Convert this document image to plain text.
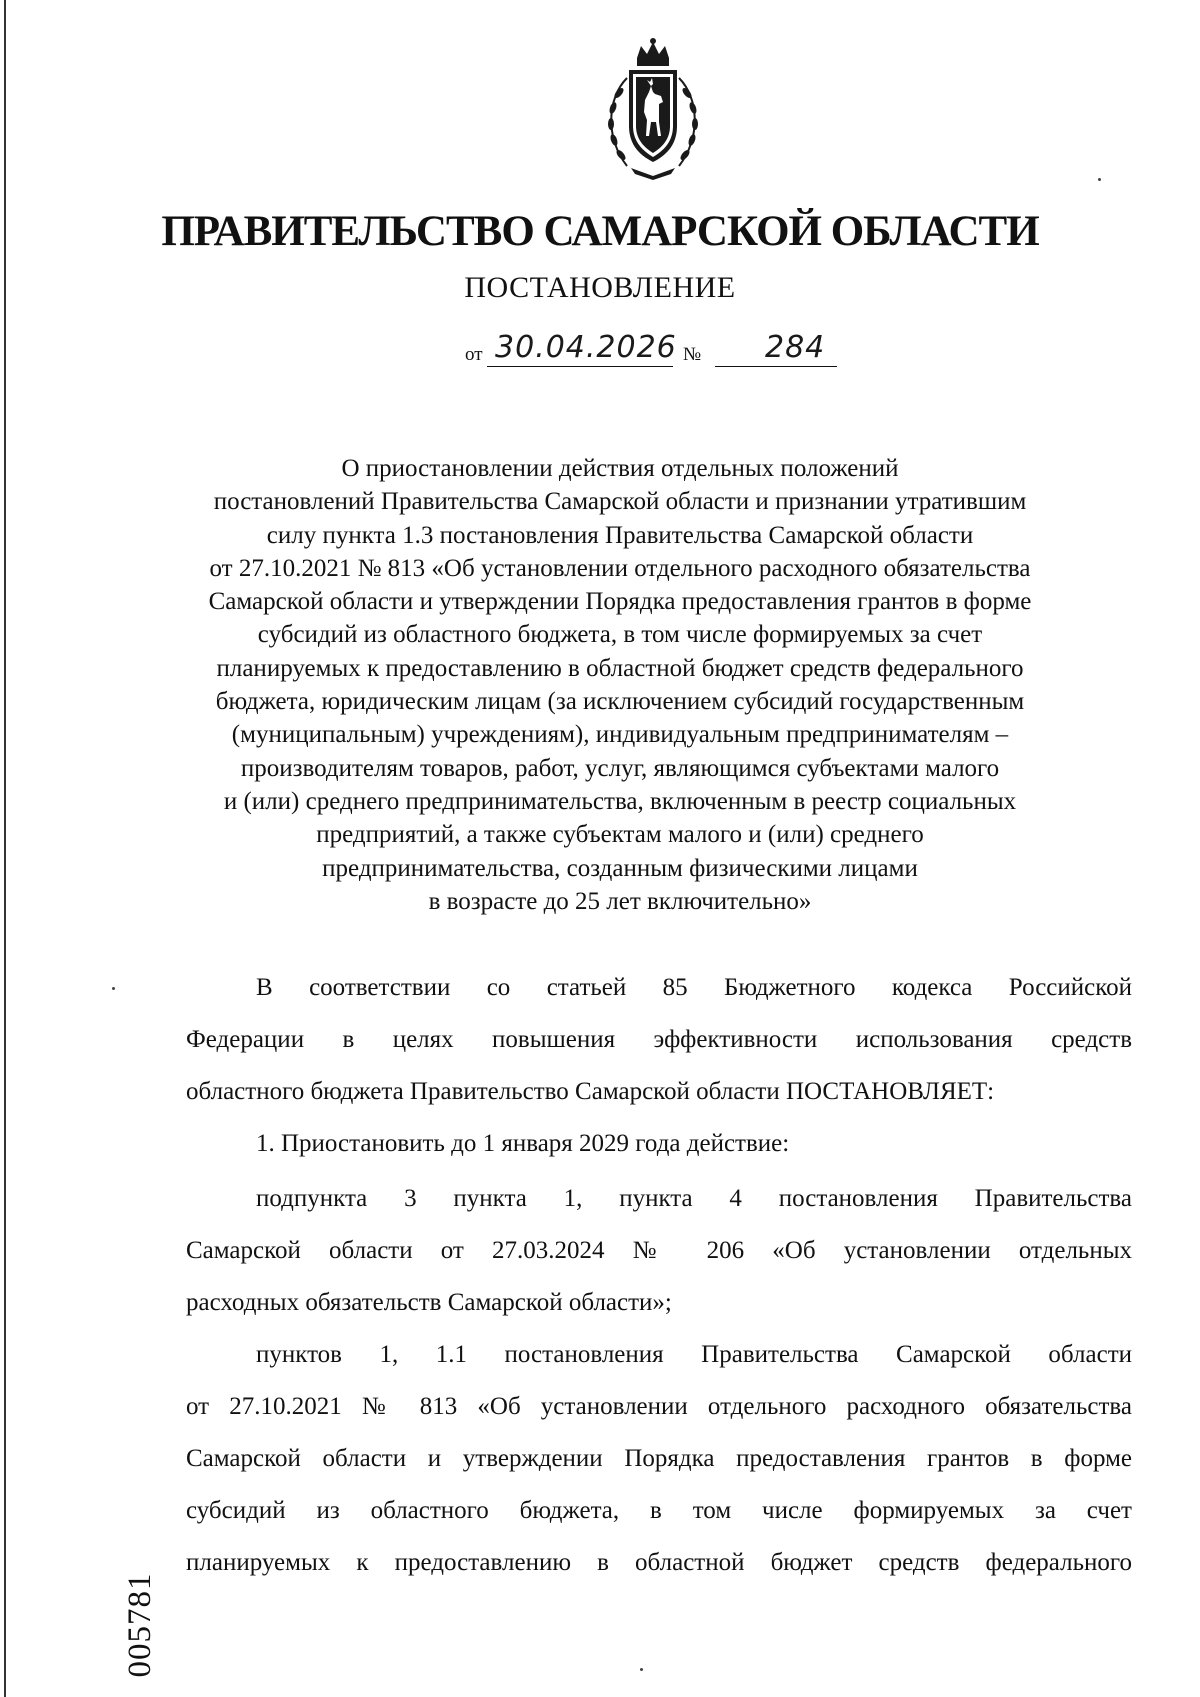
ПРАВИТЕЛЬСТВО САМАРСКОЙ ОБЛАСТИ
ПОСТАНОВЛЕНИЕ
от 30.04.2026 № 284
О приостановлении действия отдельных положений
постановлений Правительства Самарской области и признании утратившим
силу пункта 1.3 постановления Правительства Самарской области
от 27.10.2021 № 813 «Об установлении отдельного расходного обязательства
Самарской области и утверждении Порядка предоставления грантов в форме
субсидий из областного бюджета, в том числе формируемых за счет
планируемых к предоставлению в областной бюджет средств федерального
бюджета, юридическим лицам (за исключением субсидий государственным
(муниципальным) учреждениям), индивидуальным предпринимателям –
производителям товаров, работ, услуг, являющимся субъектами малого
и (или) среднего предпринимательства, включенным в реестр социальных
предприятий, а также субъектам малого и (или) среднего
предпринимательства, созданным физическими лицами
в возрасте до 25 лет включительно»
В соответствии со статьей 85 Бюджетного кодекса Российской
Федерации в целях повышения эффективности использования средств
областного бюджета Правительство Самарской области ПОСТАНОВЛЯЕТ:
1. Приостановить до 1 января 2029 года действие:
подпункта 3 пункта 1, пункта 4 постановления Правительства
Самарской области от 27.03.2024 № 206 «Об установлении отдельных
расходных обязательств Самарской области»;
пунктов 1, 1.1 постановления Правительства Самарской области
от 27.10.2021 № 813 «Об установлении отдельного расходного обязательства
Самарской области и утверждении Порядка предоставления грантов в форме
субсидий из областного бюджета, в том числе формируемых за счет
планируемых к предоставлению в областной бюджет средств федерального
005781
